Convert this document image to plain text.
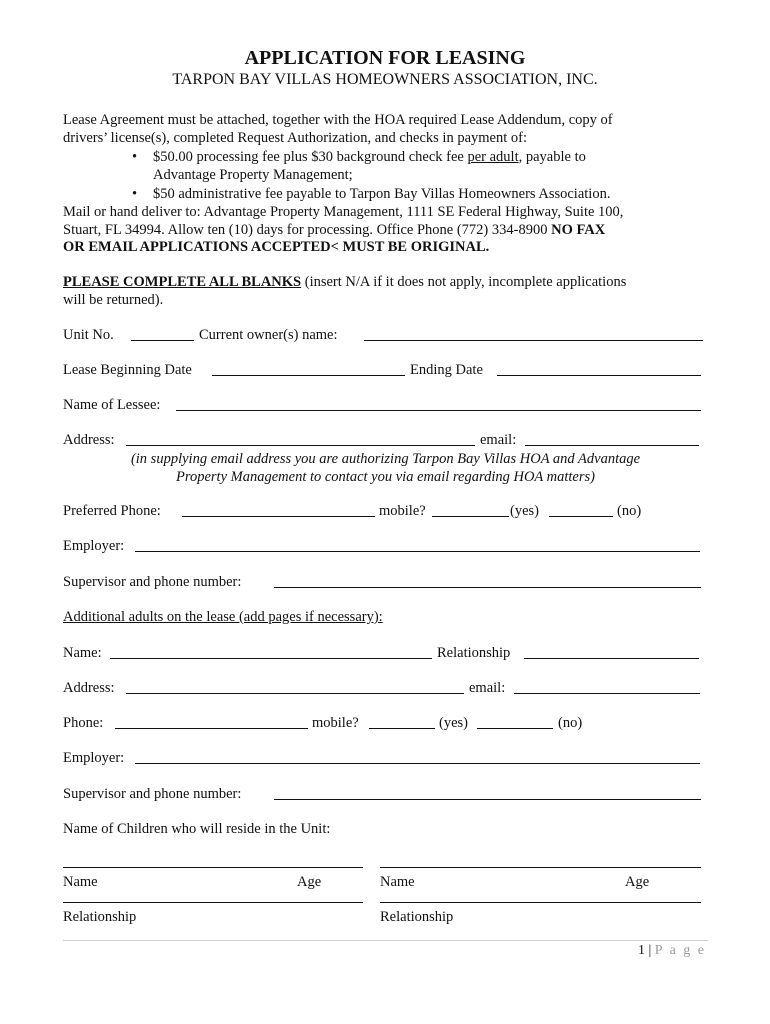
APPLICATION FOR LEASING
TARPON BAY VILLAS HOMEOWNERS ASSOCIATION, INC.
Lease Agreement must be attached, together with the HOA required Lease Addendum, copy of
drivers’ license(s), completed Request Authorization, and checks in payment of:
• $50.00 processing fee plus $30 background check fee per adult, payable to
Advantage Property Management;
• $50 administrative fee payable to Tarpon Bay Villas Homeowners Association.
Mail or hand deliver to: Advantage Property Management, 1111 SE Federal Highway, Suite 100,
Stuart, FL 34994. Allow ten (10) days for processing. Office Phone (772) 334-8900 NO FAX
OR EMAIL APPLICATIONS ACCEPTED< MUST BE ORIGINAL.
PLEASE COMPLETE ALL BLANKS (insert N/A if it does not apply, incomplete applications
will be returned).
Unit No.	Current owner(s) name:
Lease Beginning Date	Ending Date
Name of Lessee:
Address:	email:
(in supplying email address you are authorizing Tarpon Bay Villas HOA and Advantage
Property Management to contact you via email regarding HOA matters)
Preferred Phone:	mobile?	(yes)	(no)
Employer:
Supervisor and phone number:
Additional adults on the lease (add pages if necessary):
Name:	Relationship
Address:	email:
Phone:	mobile?	(yes)	(no)
Employer:
Supervisor and phone number:
Name of Children who will reside in the Unit:
Name	Age	Name	Age
Relationship	Relationship
1 | P a g e
